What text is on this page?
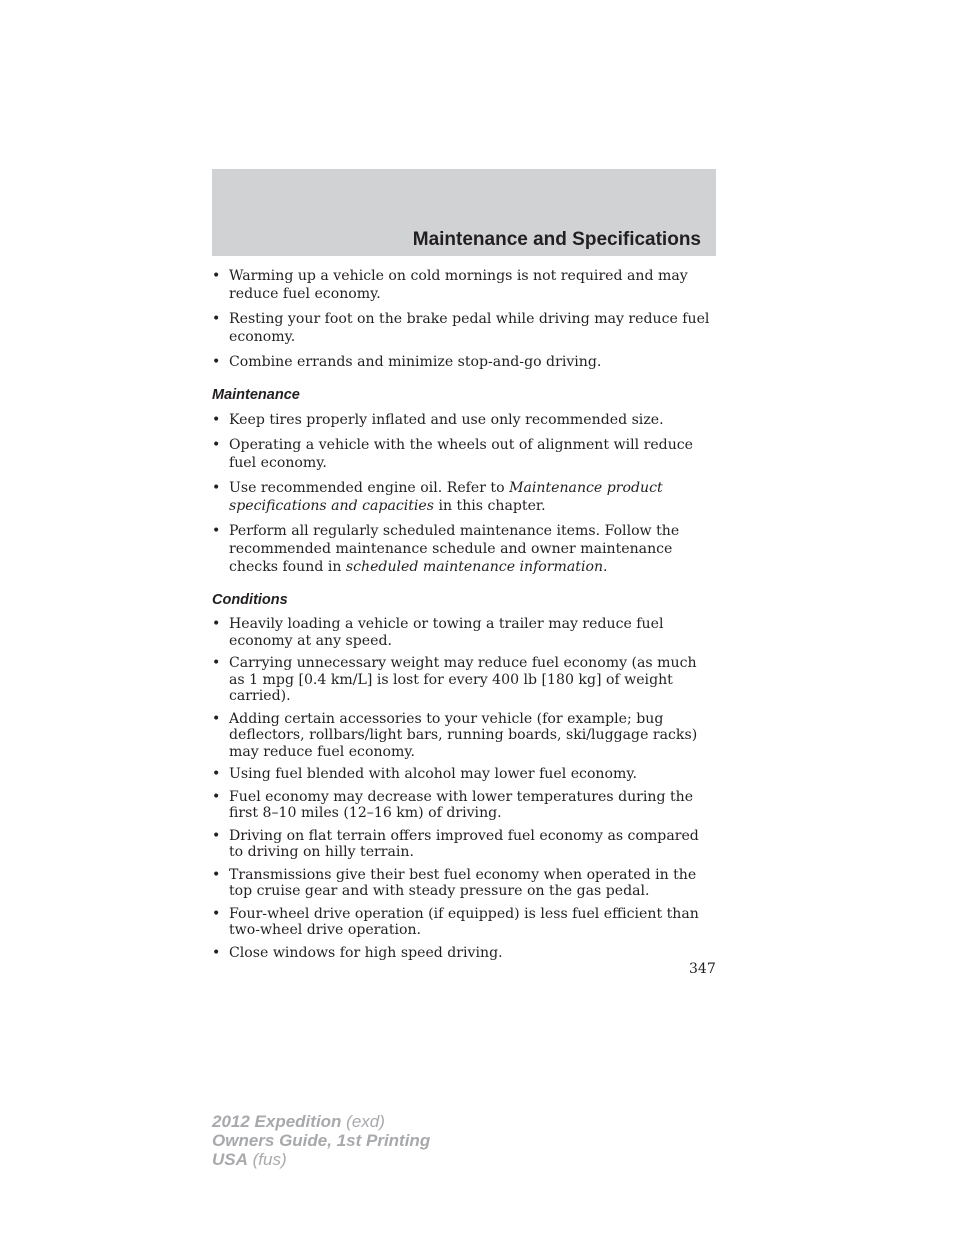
Maintenance and Specifications
• Warming up a vehicle on cold mornings is not required and may reduce fuel economy.
• Resting your foot on the brake pedal while driving may reduce fuel economy.
• Combine errands and minimize stop-and-go driving.
Maintenance
• Keep tires properly inflated and use only recommended size.
• Operating a vehicle with the wheels out of alignment will reduce fuel economy.
• Use recommended engine oil. Refer to Maintenance product specifications and capacities in this chapter.
• Perform all regularly scheduled maintenance items. Follow the recommended maintenance schedule and owner maintenance checks found in scheduled maintenance information.
Conditions
• Heavily loading a vehicle or towing a trailer may reduce fuel economy at any speed.
• Carrying unnecessary weight may reduce fuel economy (as much as 1 mpg [0.4 km/L] is lost for every 400 lb [180 kg] of weight carried).
• Adding certain accessories to your vehicle (for example; bug deflectors, rollbars/light bars, running boards, ski/luggage racks) may reduce fuel economy.
• Using fuel blended with alcohol may lower fuel economy.
• Fuel economy may decrease with lower temperatures during the first 8–10 miles (12–16 km) of driving.
• Driving on flat terrain offers improved fuel economy as compared to driving on hilly terrain.
• Transmissions give their best fuel economy when operated in the top cruise gear and with steady pressure on the gas pedal.
• Four-wheel drive operation (if equipped) is less fuel efficient than two-wheel drive operation.
• Close windows for high speed driving.
347
2012 Expedition (exd)
Owners Guide, 1st Printing
USA (fus)
